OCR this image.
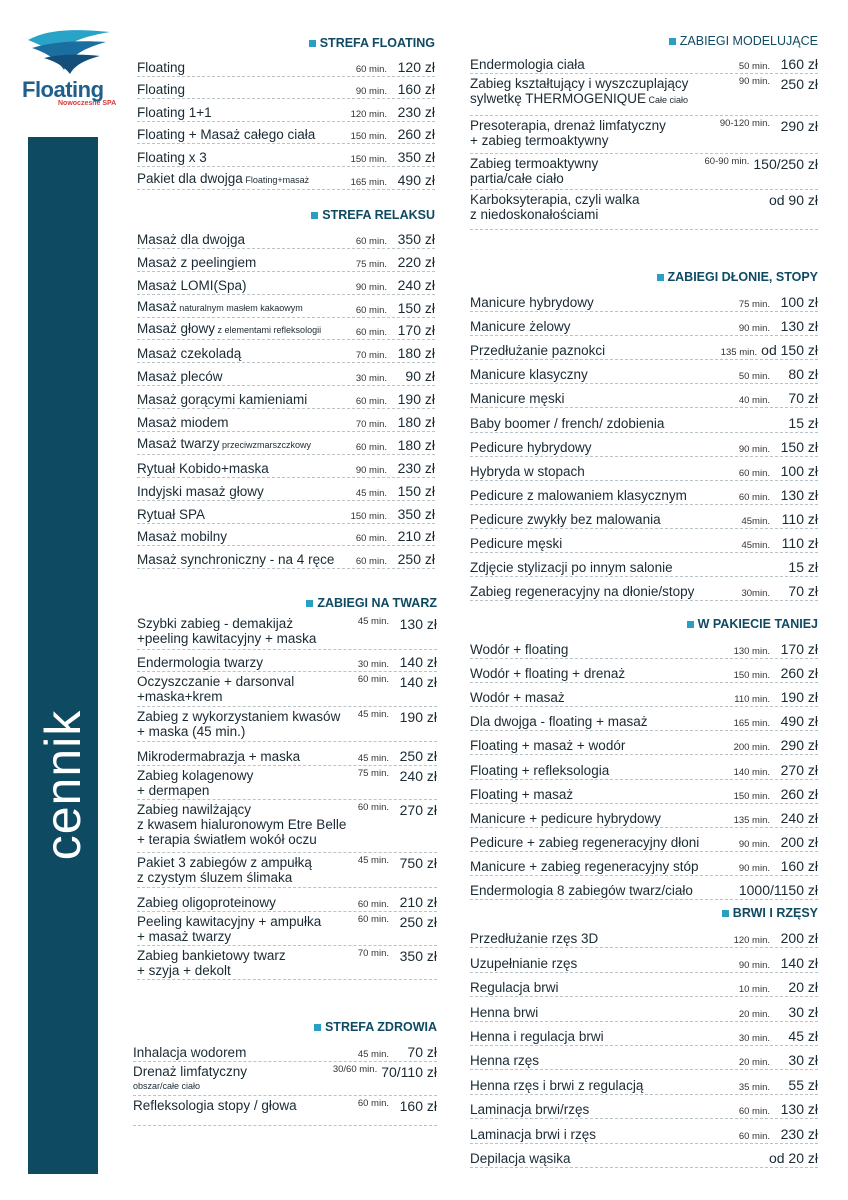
Floating
Nowoczesne SPA
cennik
STREFA FLOATING
Floating	60 min. 120 zł
Floating	90 min. 160 zł
Floating 1+1	120 min. 230 zł
Floating + Masaż całego ciała	150 min. 260 zł
Floating x 3	150 min. 350 zł
Pakiet dla dwojga Floating+masaż	165 min. 490 zł
STREFA RELAKSU
Masaż dla dwojga	60 min. 350 zł
Masaż z peelingiem	75 min. 220 zł
Masaż LOMI(Spa)	90 min. 240 zł
Masaż naturalnym masłem kakaowym	60 min. 150 zł
Masaż głowy z elementami refleksologii	60 min. 170 zł
Masaż czekoladą	70 min. 180 zł
Masaż pleców	30 min.	90 zł
Masaż gorącymi kamieniami	60 min. 190 zł
Masaż miodem	70 min. 180 zł
Masaż twarzy przeciwzmarszczkowy	60 min. 180 zł
Rytuał Kobido+maska	90 min. 230 zł
Indyjski masaż głowy	45 min. 150 zł
Rytuał SPA	150 min. 350 zł
Masaż mobilny	60 min. 210 zł
Masaż synchroniczny - na 4 ręce	60 min. 250 zł
ZABIEGI NA TWARZ
Szybki zabieg - demakijaż
+peeling kawitacyjny + maska
45 min. 130 zł
Endermologia twarzy	30 min. 140 zł
Oczyszczanie + darsonval
+maska+krem
60 min. 140 zł
Zabieg z wykorzystaniem kwasów
+ maska (45 min.)
45 min. 190 zł
Mikrodermabrazja + maska	45 min. 250 zł
Zabieg kolagenowy
+ dermapen
75 min. 240 zł
Zabieg nawilżający
z kwasem hialuronowym Etre Belle
+ terapia światłem wokół oczu
60 min. 270 zł
Pakiet 3 zabiegów z ampułką
z czystym śluzem ślimaka
45 min. 750 zł
Zabieg oligoproteinowy	60 min. 210 zł
Peeling kawitacyjny + ampułka
+ masaż twarzy
60 min. 250 zł
Zabieg bankietowy twarz
+ szyja + dekolt
70 min. 350 zł
STREFA ZDROWIA
Inhalacja wodorem	45 min.	70 zł
Drenaż limfatyczny
obszar/całe ciało
30/60 min. 70/110 zł
Refleksologia stopy / głowa	60 min. 160 zł
ZABIEGI MODELUJĄCE
Endermologia ciała	50 min. 160 zł
Zabieg kształtujący i wyszczuplający
sylwetkę THERMOGENIQUE Całe ciało
90 min. 250 zł
Presoterapia, drenaż limfatyczny
+ zabieg termoaktywny
90-120 min. 290 zł
Zabieg termoaktywny
partia/całe ciało
60-90 min. 150/250 zł
Karboksyterapia, czyli walka
z niedoskonałościami
od 90 zł
ZABIEGI DŁONIE, STOPY
Manicure hybrydowy	75 min. 100 zł
Manicure żelowy	90 min. 130 zł
Przedłużanie paznokci	135 min. od 150 zł
Manicure klasyczny	50 min.	80 zł
Manicure męski	40 min.	70 zł
Baby boomer / french/ zdobienia	15 zł
Pedicure hybrydowy	90 min. 150 zł
Hybryda w stopach	60 min. 100 zł
Pedicure z malowaniem klasycznym	60 min. 130 zł
Pedicure zwykły bez malowania	45min. 110 zł
Pedicure męski	45min. 110 zł
Zdjęcie stylizacji po innym salonie	15 zł
Zabieg regeneracyjny na dłonie/stopy	30min.	70 zł
W PAKIECIE TANIEJ
Wodór + floating	130 min. 170 zł
Wodór + floating + drenaż	150 min. 260 zł
Wodór + masaż	110 min. 190 zł
Dla dwojga - floating + masaż	165 min. 490 zł
Floating + masaż + wodór	200 min. 290 zł
Floating + refleksologia	140 min. 270 zł
Floating + masaż	150 min. 260 zł
Manicure + pedicure hybrydowy	135 min. 240 zł
Pedicure + zabieg regeneracyjny dłoni	90 min. 200 zł
Manicure + zabieg regeneracyjny stóp	90 min. 160 zł
Endermologia 8 zabiegów twarz/ciało	1000/1150 zł
BRWI I RZĘSY
Przedłużanie rzęs 3D	120 min. 200 zł
Uzupełnianie rzęs	90 min. 140 zł
Regulacja brwi	10 min.	20 zł
Henna brwi	20 min.	30 zł
Henna i regulacja brwi	30 min.	45 zł
Henna rzęs	20 min.	30 zł
Henna rzęs i brwi z regulacją	35 min.	55 zł
Laminacja brwi/rzęs	60 min. 130 zł
Laminacja brwi i rzęs	60 min. 230 zł
Depilacja wąsika	od 20 zł
